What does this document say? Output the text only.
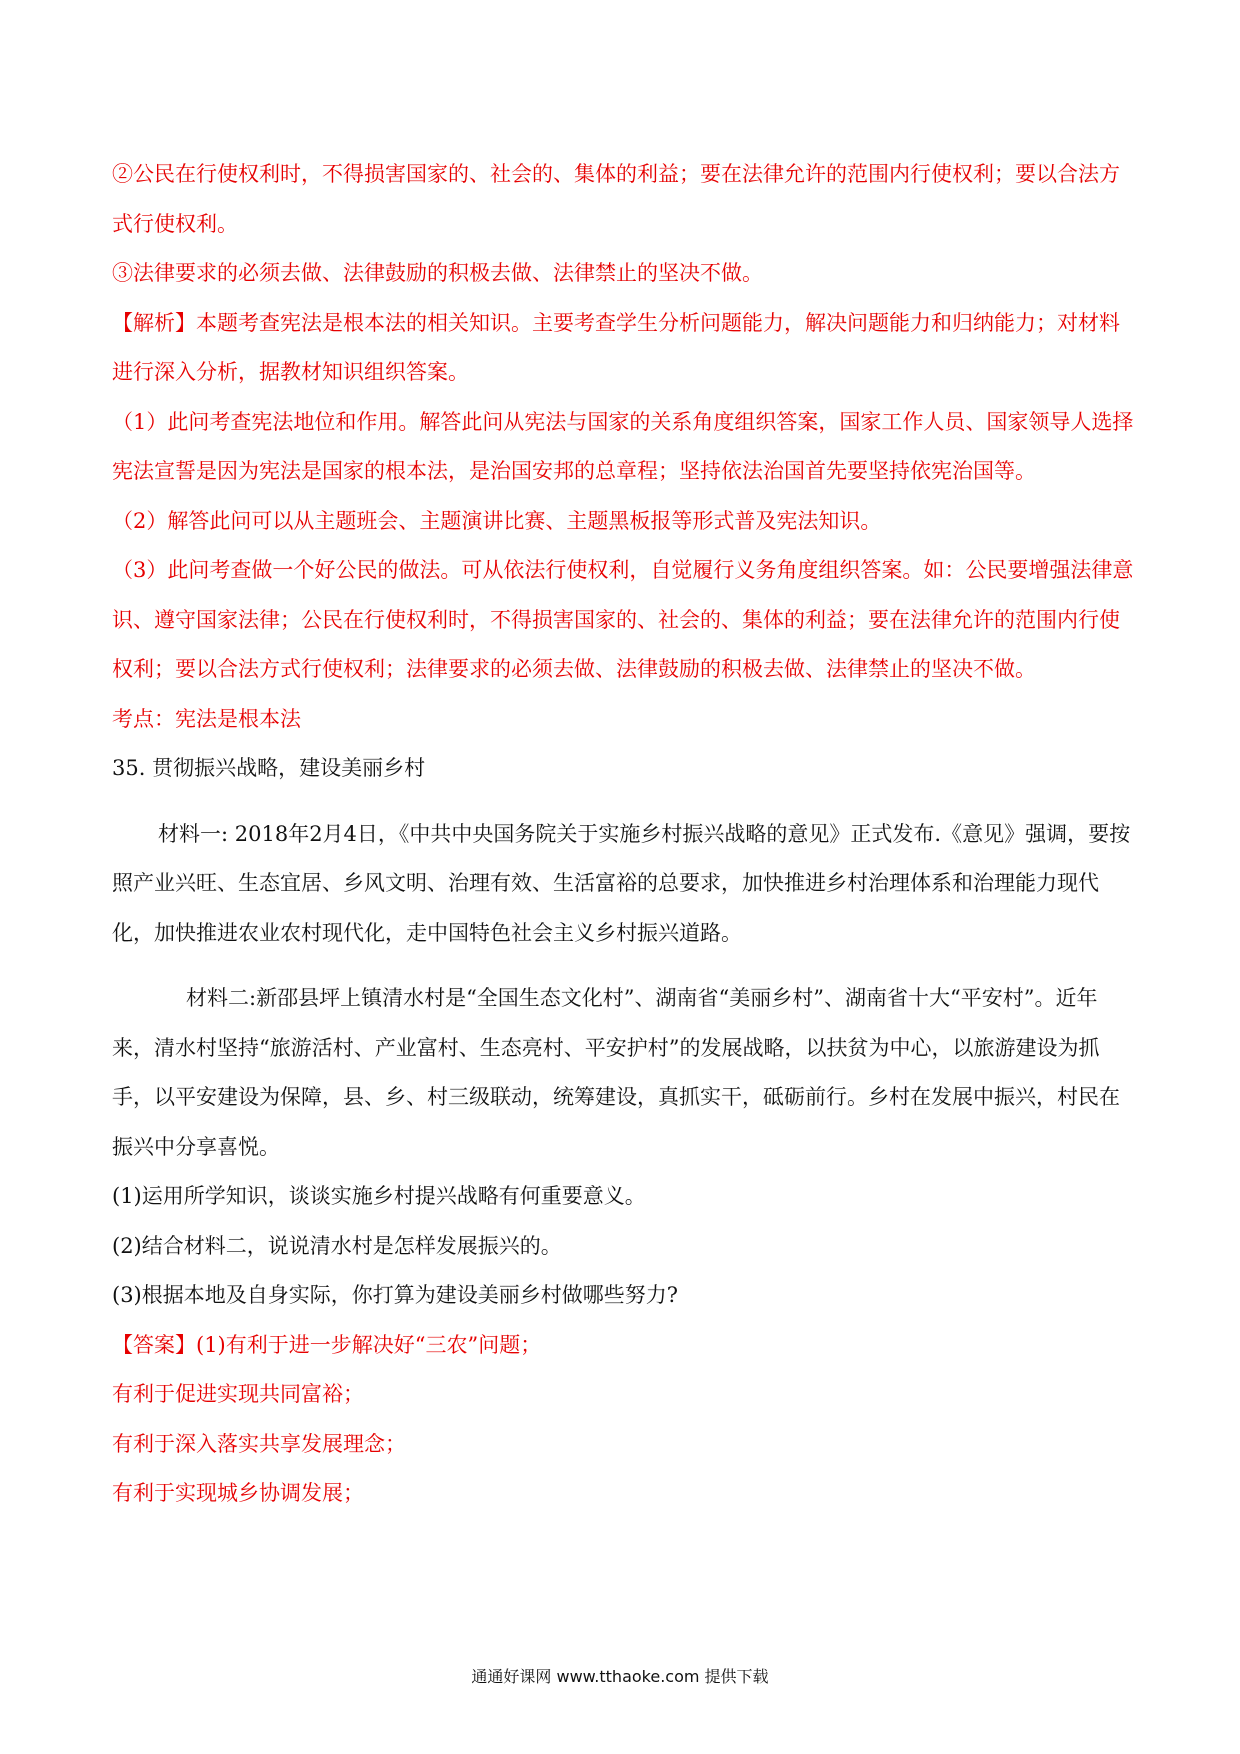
②公民在行使权利时，不得损害国家的、社会的、集体的利益；要在法律允许的范围内行使权利；要以合法方式行使权利。

③法律要求的必须去做、法律鼓励的积极去做、法律禁止的坚决不做。

【解析】本题考查宪法是根本法的相关知识。主要考查学生分析问题能力，解决问题能力和归纳能力；对材料进行深入分析，据教材知识组织答案。

（1）此问考查宪法地位和作用。解答此问从宪法与国家的关系角度组织答案，国家工作人员、国家领导人选择宪法宣誓是因为宪法是国家的根本法，是治国安邦的总章程；坚持依法治国首先要坚持依宪治国等。

（2）解答此问可以从主题班会、主题演讲比赛、主题黑板报等形式普及宪法知识。

（3）此问考查做一个好公民的做法。可从依法行使权利，自觉履行义务角度组织答案。如：公民要增强法律意识、遵守国家法律；公民在行使权利时，不得损害国家的、社会的、集体的利益；要在法律允许的范围内行使权利；要以合法方式行使权利；法律要求的必须去做、法律鼓励的积极去做、法律禁止的坚决不做。

考点：宪法是根本法

35. 贯彻振兴战略，建设美丽乡村

材料一: 2018年2月4日，《中共中央国务院关于实施乡村振兴战略的意见》正式发布.《意见》强调，要按照产业兴旺、生态宜居、乡风文明、治理有效、生活富裕的总要求，加快推进乡村治理体系和治理能力现代化，加快推进农业农村现代化，走中国特色社会主义乡村振兴道路。

材料二:新邵县坪上镇清水村是“全国生态文化村”、湖南省“美丽乡村”、湖南省十大“平安村”。近年来，清水村坚持“旅游活村、产业富村、生态亮村、平安护村”的发展战略，以扶贫为中心，以旅游建设为抓手，以平安建设为保障，县、乡、村三级联动，统筹建设，真抓实干，砥砺前行。乡村在发展中振兴，村民在振兴中分享喜悦。

(1)运用所学知识，谈谈实施乡村提兴战略有何重要意义。

(2)结合材料二，说说清水村是怎样发展振兴的。

(3)根据本地及自身实际，你打算为建设美丽乡村做哪些努力?

【答案】(1)有利于进一步解决好“三农”问题；

有利于促进实现共同富裕；

有利于深入落实共享发展理念；

有利于实现城乡协调发展；

通通好课网 www.tthaoke.com 提供下载
